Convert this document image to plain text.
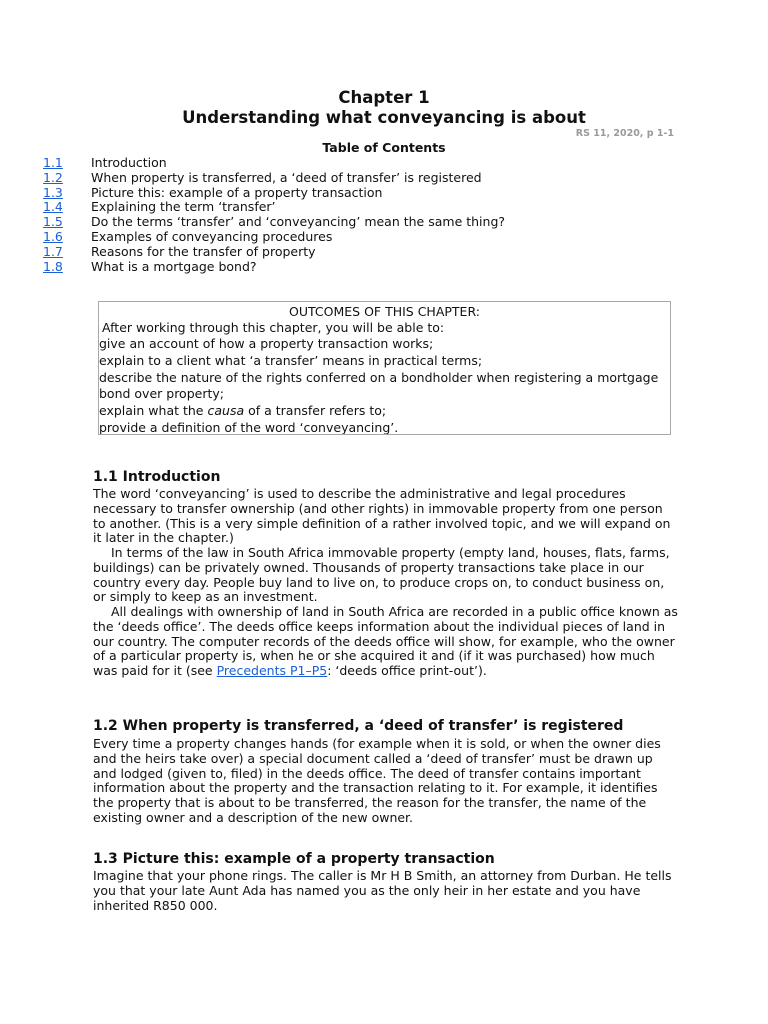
Chapter 1
Understanding what conveyancing is about
RS 11, 2020, p 1-1
Table of Contents
1.1 Introduction
1.2 When property is transferred, a ‘deed of transfer’ is registered
1.3 Picture this: example of a property transaction
1.4 Explaining the term ‘transfer’
1.5 Do the terms ‘transfer’ and ‘conveyancing’ mean the same thing?
1.6 Examples of conveyancing procedures
1.7 Reasons for the transfer of property
1.8 What is a mortgage bond?
OUTCOMES OF THIS CHAPTER:
After working through this chapter, you will be able to:
give an account of how a property transaction works;
explain to a client what ‘a transfer’ means in practical terms;
describe the nature of the rights conferred on a bondholder when registering a mortgage bond over property;
explain what the causa of a transfer refers to;
provide a definition of the word ‘conveyancing’.
1.1 Introduction

The word ‘conveyancing’ is used to describe the administrative and legal procedures necessary to transfer ownership (and other rights) in immovable property from one person to another. (This is a very simple definition of a rather involved topic, and we will expand on it later in the chapter.)

In terms of the law in South Africa immovable property (empty land, houses, flats, farms, buildings) can be privately owned. Thousands of property transactions take place in our country every day. People buy land to live on, to produce crops on, to conduct business on, or simply to keep as an investment.

All dealings with ownership of land in South Africa are recorded in a public office known as the ‘deeds office’. The deeds office keeps information about the individual pieces of land in our country. The computer records of the deeds office will show, for example, who the owner of a particular property is, when he or she acquired it and (if it was purchased) how much was paid for it (see Precedents P1–P5: ‘deeds office print-out’).

1.2 When property is transferred, a ‘deed of transfer’ is registered

Every time a property changes hands (for example when it is sold, or when the owner dies and the heirs take over) a special document called a ‘deed of transfer’ must be drawn up and lodged (given to, filed) in the deeds office. The deed of transfer contains important information about the property and the transaction relating to it. For example, it identifies the property that is about to be transferred, the reason for the transfer, the name of the existing owner and a description of the new owner.

1.3 Picture this: example of a property transaction

Imagine that your phone rings. The caller is Mr H B Smith, an attorney from Durban. He tells you that your late Aunt Ada has named you as the only heir in her estate and you have inherited R850 000.
